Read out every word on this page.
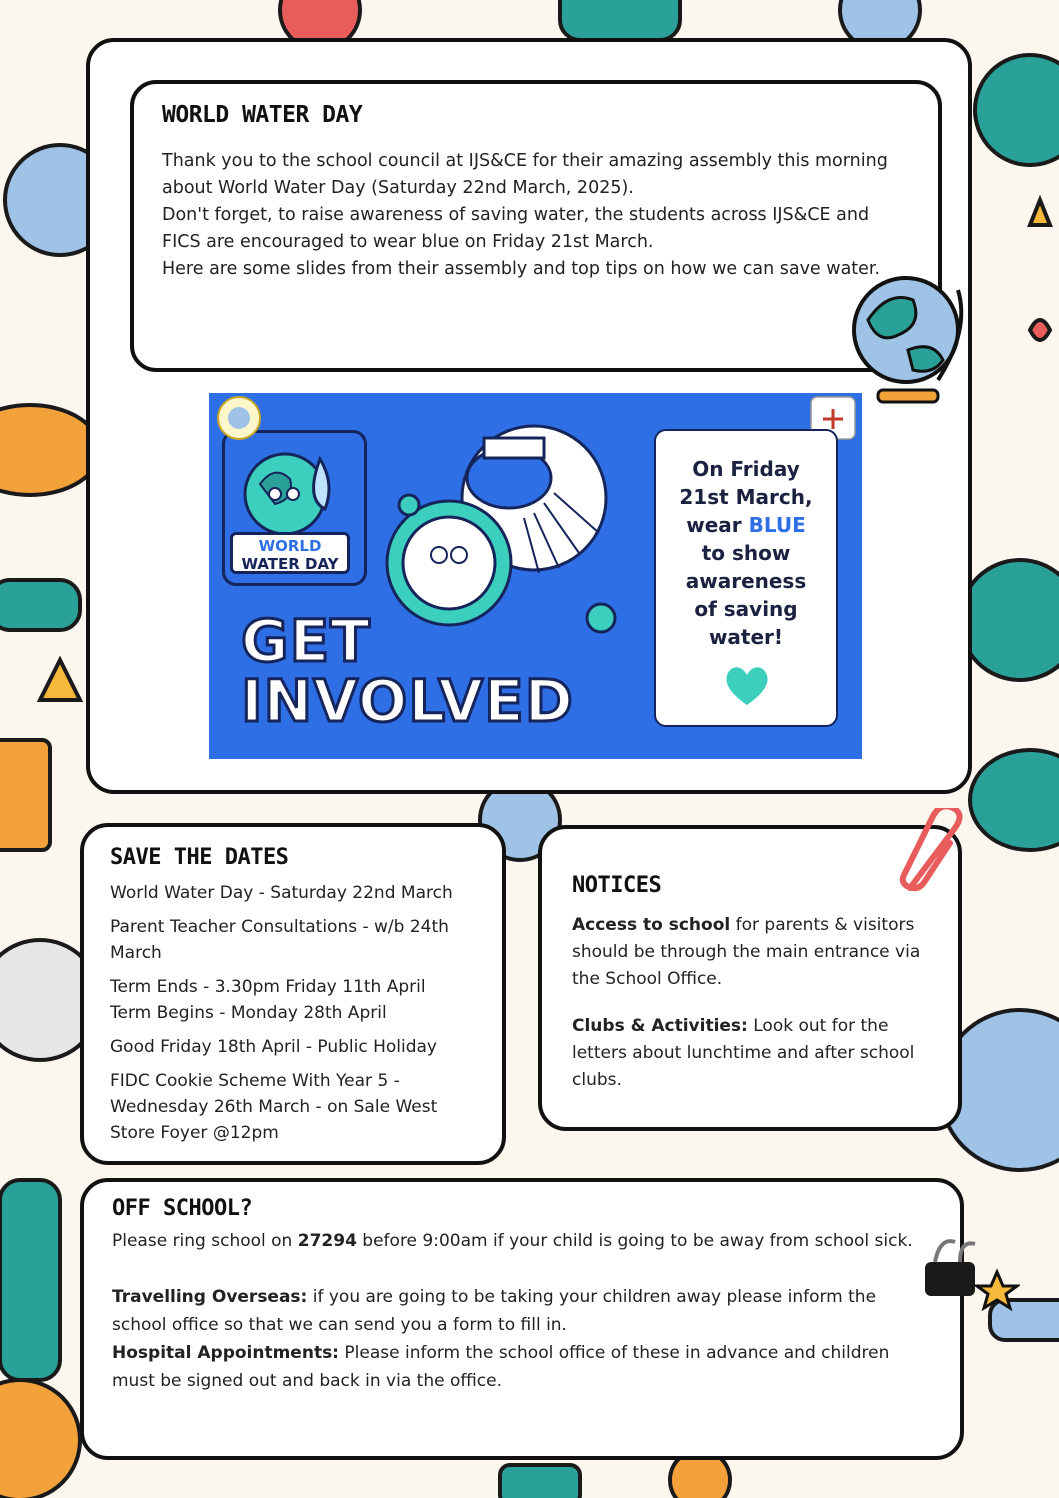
WORLD WATER DAY

Thank you to the school council at IJS&CE for their amazing assembly this morning about World Water Day (Saturday 22nd March, 2025).

Don't forget, to raise awareness of saving water, the students across IJS&CE and FICS are encouraged to wear blue on Friday 21st March.

Here are some slides from their assembly and top tips on how we can save water.

WORLD
WATER DAY
GET
INVOLVED
On Friday
21st March,
wear BLUE
to show
awareness
of saving
water!
SAVE THE DATES
World Water Day - Saturday 22nd March
Parent Teacher Consultations - w/b 24th March
Term Ends - 3.30pm Friday 11th April
Term Begins - Monday 28th April
Good Friday 18th April - Public Holiday
FIDC Cookie Scheme With Year 5 - Wednesday 26th March - on Sale West Store Foyer @12pm
NOTICES

Access to school for parents & visitors should be through the main entrance via the School Office.

Clubs & Activities: Look out for the letters about lunchtime and after school clubs.

OFF SCHOOL?

Please ring school on 27294 before 9:00am if your child is going to be away from school sick.

Travelling Overseas: if you are going to be taking your children away please inform the school office so that we can send you a form to fill in.

Hospital Appointments: Please inform the school office of these in advance and children must be signed out and back in via the office.
